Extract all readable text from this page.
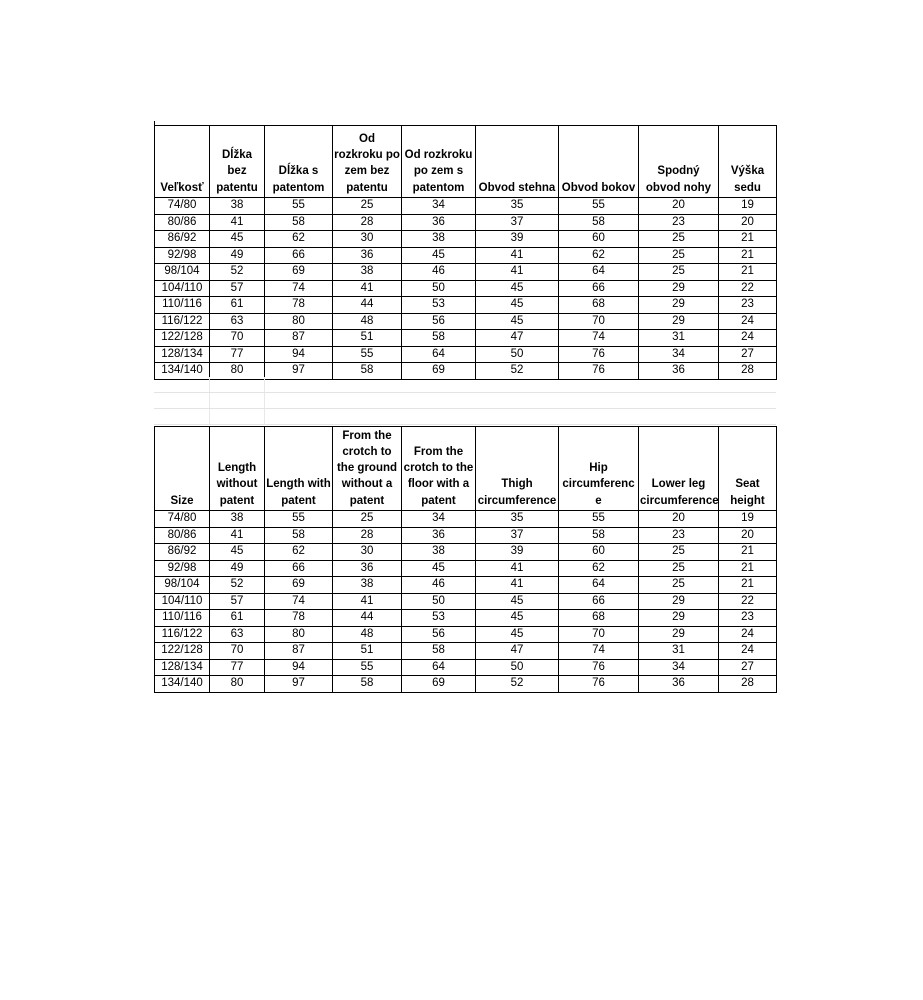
Veľkosť	Dĺžka bez patentu	Dĺžka s patentom	Od rozkroku po zem bez patentu	Od rozkroku po zem s patentom	Obvod stehna	Obvod bokov	Spodný obvod nohy	Výška sedu
74/80	38	55	25	34	35	55	20	19
80/86	41	58	28	36	37	58	23	20
86/92	45	62	30	38	39	60	25	21
92/98	49	66	36	45	41	62	25	21
98/104	52	69	38	46	41	64	25	21
104/110	57	74	41	50	45	66	29	22
110/116	61	78	44	53	45	68	29	23
116/122	63	80	48	56	45	70	29	24
122/128	70	87	51	58	47	74	31	24
128/134	77	94	55	64	50	76	34	27
134/140	80	97	58	69	52	76	36	28
Size	Length without patent	Length with patent	From the crotch to the ground without a patent	From the crotch to the floor with a patent	Thigh circumference	Hip circumferenc e	Lower leg circumference	Seat height
74/80	38	55	25	34	35	55	20	19
80/86	41	58	28	36	37	58	23	20
86/92	45	62	30	38	39	60	25	21
92/98	49	66	36	45	41	62	25	21
98/104	52	69	38	46	41	64	25	21
104/110	57	74	41	50	45	66	29	22
110/116	61	78	44	53	45	68	29	23
116/122	63	80	48	56	45	70	29	24
122/128	70	87	51	58	47	74	31	24
128/134	77	94	55	64	50	76	34	27
134/140	80	97	58	69	52	76	36	28
